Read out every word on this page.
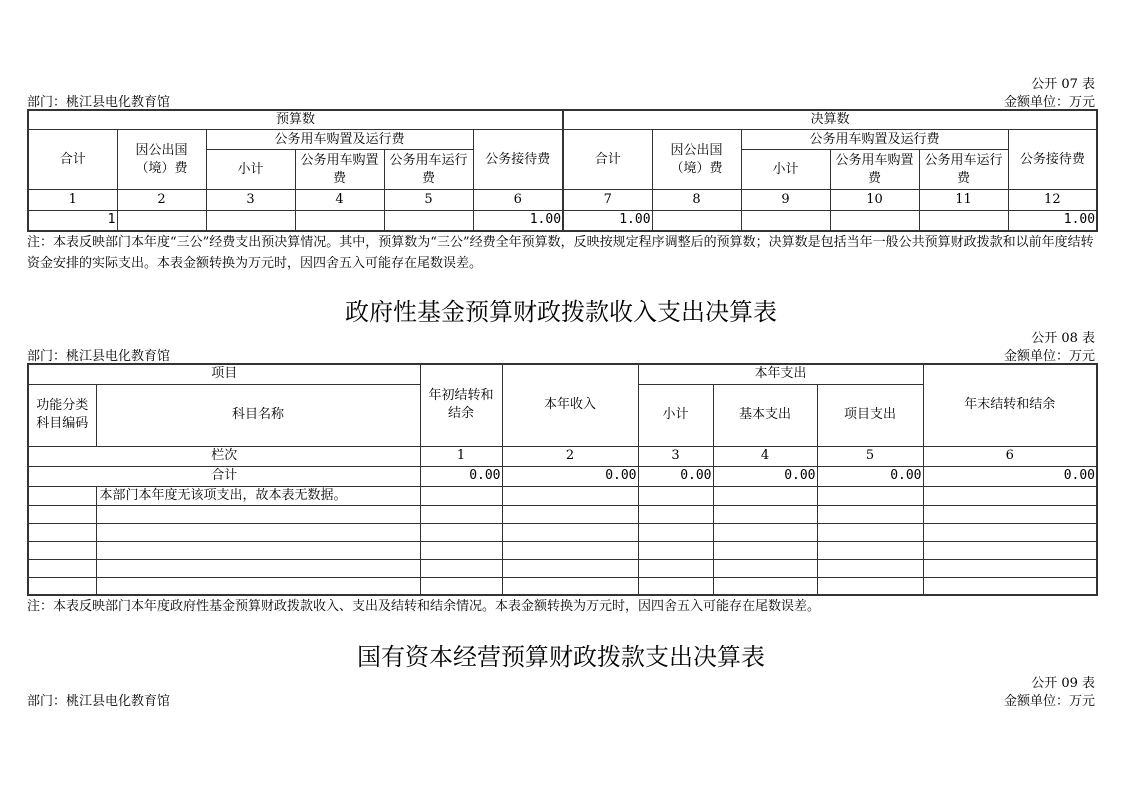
公开 07 表
部门：桃江县电化教育馆	金额单位：万元
预算数						决算数					
合计	因公出国（境）费	公务用车购置及运行费			公务接待费	合计	因公出国（境）费	公务用车购置及运行费			公务接待费
		小计	公务用车购置费	公务用车运行费				小计	公务用车购置费	公务用车运行费	
1	2	3	4	5	6	7	8	9	10	11	12
1					1.00	1.00					1.00
注：本表反映部门本年度“三公”经费支出预决算情况。其中，预算数为“三公”经费全年预算数，反映按规定程序调整后的预算数；决算数是包括当年一般公共预算财政拨款和以前年度结转资金安排的实际支出。本表金额转换为万元时，因四舍五入可能存在尾数误差。
政府性基金预算财政拨款收入支出决算表
公开 08 表
部门：桃江县电化教育馆	金额单位：万元
项目		年初结转和结余	本年收入	本年支出			年末结转和结余
功能分类科目编码	科目名称			小计	基本支出	项目支出	
栏次		1	2	3	4	5	6
合计		0.00	0.00	0.00	0.00	0.00	0.00
	本部门本年度无该项支出，故本表无数据。						

注：本表反映部门本年度政府性基金预算财政拨款收入、支出及结转和结余情况。本表金额转换为万元时，因四舍五入可能存在尾数误差。
国有资本经营预算财政拨款支出决算表
公开 09 表
部门：桃江县电化教育馆	金额单位：万元
